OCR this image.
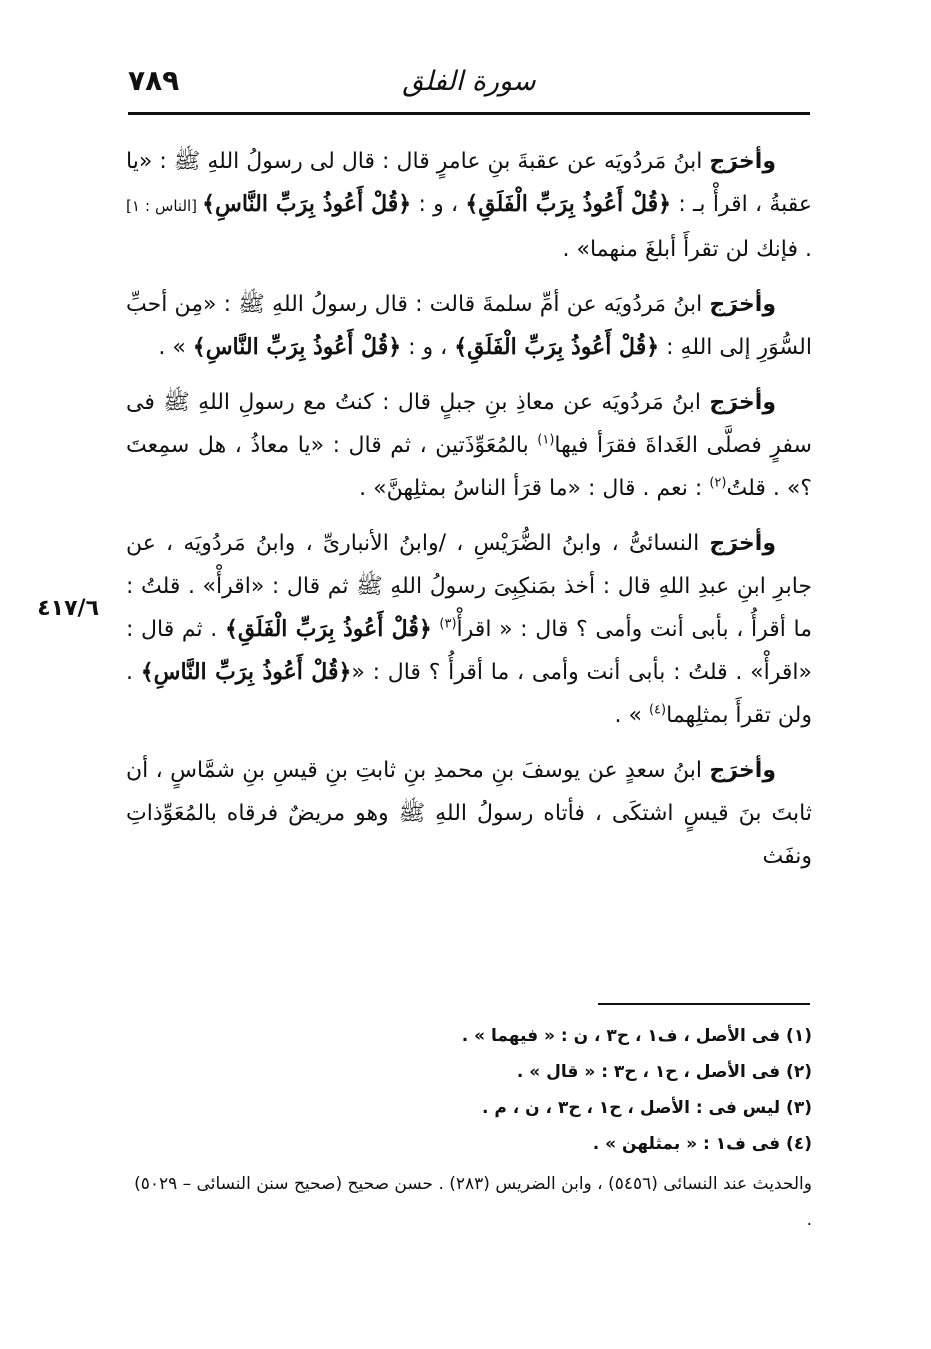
٧٨٩	سورة الفلق
٤١٧/٦

وأخرَج ابنُ مَردُويَه عن عقبةَ بنِ عامرٍ قال : قال لى رسولُ اللهِ ﷺ : «يا عقبةُ ، اقرأْ بـ : ﴿قُلْ أَعُوذُ بِرَبِّ الْفَلَقِ﴾ ، و : ﴿قُلْ أَعُوذُ بِرَبِّ النَّاسِ﴾ [الناس : ١] . فإنك لن تقرأَ أبلغَ منهما» .

وأخرَج ابنُ مَردُويَه عن أمِّ سلمةَ قالت : قال رسولُ اللهِ ﷺ : «مِن أحبِّ السُّوَرِ إلى اللهِ : ﴿قُلْ أَعُوذُ بِرَبِّ الْفَلَقِ﴾ ، و : ﴿قُلْ أَعُوذُ بِرَبِّ النَّاسِ﴾ » .

وأخرَج ابنُ مَردُويَه عن معاذِ بنِ جبلٍ قال : كنتُ مع رسولِ اللهِ ﷺ فى سفرٍ فصلَّى الغَداةَ فقرَأ فيها$^{(١)}$ بالمُعَوِّذَتين ، ثم قال : «يا معاذُ ، هل سمِعتَ ؟» . قلتُ$^{(٢)}$ : نعم . قال : «ما قرَأ الناسُ بمثلِهنَّ» .

وأخرَج النسائىُّ ، وابنُ الضُّرَيْسِ ، /وابنُ الأنبارىِّ ، وابنُ مَردُويَه ، عن جابرِ ابنِ عبدِ اللهِ قال : أخذ بمَنكِبِىَ رسولُ اللهِ ﷺ ثم قال : «اقرأْ» . قلتُ : ما أقرأُ ، بأبى أنت وأمى ؟ قال : « اقرأْ$^{(٣)}$ ﴿قُلْ أَعُوذُ بِرَبِّ الْفَلَقِ﴾ . ثم قال : «اقرأْ» . قلتُ : بأبى أنت وأمى ، ما أقرأُ ؟ قال : «﴿قُلْ أَعُوذُ بِرَبِّ النَّاسِ﴾ . ولن تقرأَ بمثلِهما$^{(٤)}$ » .

وأخرَج ابنُ سعدٍ عن يوسفَ بنِ محمدِ بنِ ثابتِ بنِ قيسِ بنِ شمَّاسٍ ، أن ثابتَ بنَ قيسٍ اشتكَى ، فأتاه رسولُ اللهِ ﷺ وهو مريضٌ فرقاه بالمُعَوِّذاتِ ونفَث

(١) فى الأصل ، ف١ ، ح٣ ، ن : « فيهما » .

(٢) فى الأصل ، ح١ ، ح٣ : « قال » .

(٣) ليس فى : الأصل ، ح١ ، ح٣ ، ن ، م .

(٤) فى ف١ : « بمثلهن » .

والحديث عند النسائى (٥٤٥٦) ، وابن الضريس (٢٨٣) . حسن صحيح (صحيح سنن النسائى – ٥٠٢٩) .
